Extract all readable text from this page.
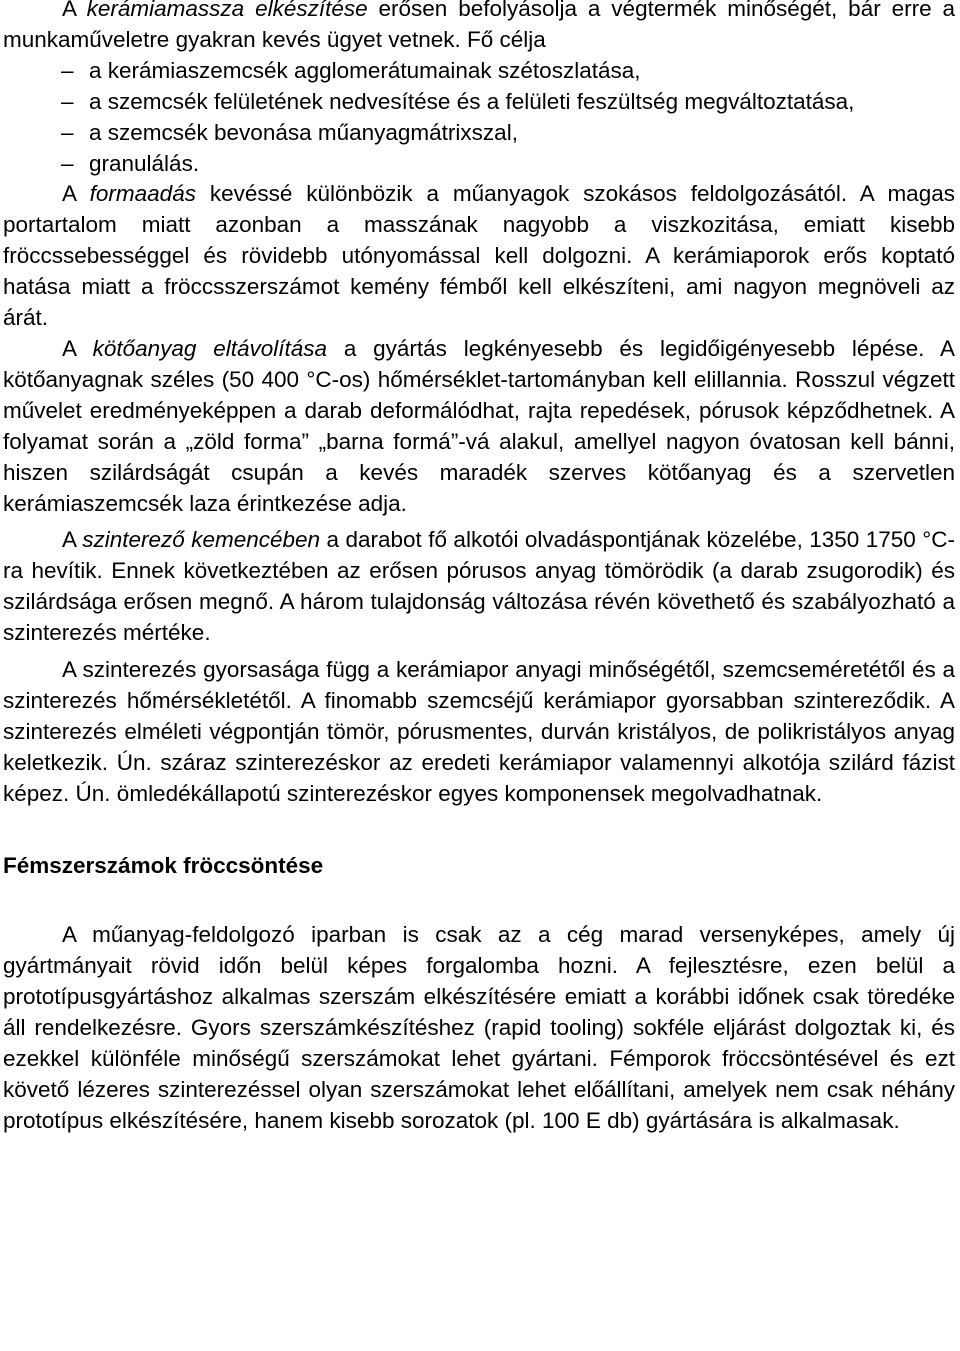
A kerámiamassza elkészítése erősen befolyásolja a végtermék minőségét, bár erre a munkaműveletre gyakran kevés ügyet vetnek. Fő célja

– a kerámiaszemcsék agglomerátumainak szétoszlatása,
– a szemcsék felületének nedvesítése és a felületi feszültség megváltoztatása,
– a szemcsék bevonása műanyagmátrixszal,
– granulálás.

A formaadás kevéssé különbözik a műanyagok szokásos feldolgozásától. A magas portartalom miatt azonban a masszának nagyobb a viszkozitása, emiatt kisebb fröccssebességgel és rövidebb utónyomással kell dolgozni. A kerámiaporok erős koptató hatása miatt a fröccsszerszámot kemény fémből kell elkészíteni, ami nagyon megnöveli az árát.

A kötőanyag eltávolítása a gyártás legkényesebb és legidőigényesebb lépése. A kötőanyagnak széles (50 400 °C-os) hőmérséklet-tartományban kell elillannia. Rosszul végzett művelet eredményeképpen a darab deformálódhat, rajta repedések, pórusok képződhetnek. A folyamat során a „zöld forma” „barna formá”-vá alakul, amellyel nagyon óvatosan kell bánni, hiszen szilárdságát csupán a kevés maradék szerves kötőanyag és a szervetlen kerámiaszemcsék laza érintkezése adja.

A szinterező kemencében a darabot fő alkotói olvadáspontjának közelébe, 1350 1750 °C-ra hevítik. Ennek következtében az erősen pórusos anyag tömörödik (a darab zsugorodik) és szilárdsága erősen megnő. A három tulajdonság változása révén követhető és szabályozható a szinterezés mértéke.

A szinterezés gyorsasága függ a kerámiapor anyagi minőségétől, szemcseméretétől és a szinterezés hőmérsékletétől. A finomabb szemcséjű kerámiapor gyorsabban szintereződik. A szinterezés elméleti végpontján tömör, pórusmentes, durván kristályos, de polikristályos anyag keletkezik. Ún. száraz szinterezéskor az eredeti kerámiapor valamennyi alkotója szilárd fázist képez. Ún. ömledékállapotú szinterezéskor egyes komponensek megolvadhatnak.

Fémszerszámok fröccsöntése

A műanyag-feldolgozó iparban is csak az a cég marad versenyképes, amely új gyártmányait rövid időn belül képes forgalomba hozni. A fejlesztésre, ezen belül a prototípusgyártáshoz alkalmas szerszám elkészítésére emiatt a korábbi időnek csak töredéke áll rendelkezésre. Gyors szerszámkészítéshez (rapid tooling) sokféle eljárást dolgoztak ki, és ezekkel különféle minőségű szerszámokat lehet gyártani. Fémporok fröccsöntésével és ezt követő lézeres szinterezéssel olyan szerszámokat lehet előállítani, amelyek nem csak néhány prototípus elkészítésére, hanem kisebb sorozatok (pl. 100 E db) gyártására is alkalmasak.
